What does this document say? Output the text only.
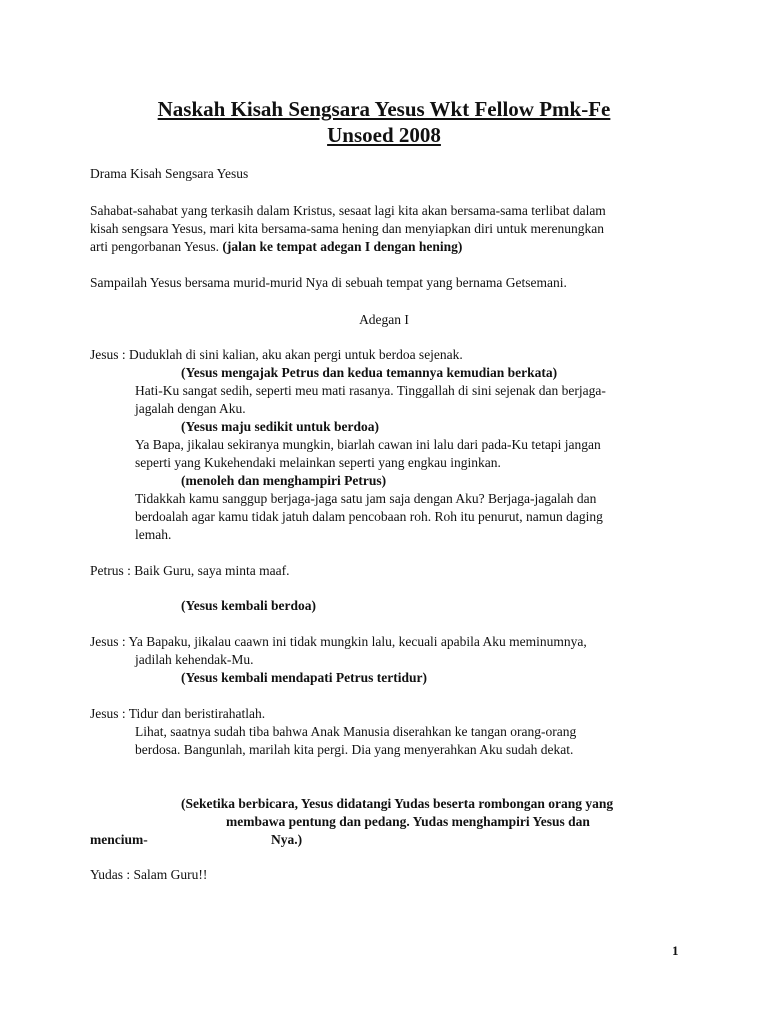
Naskah Kisah Sengsara Yesus Wkt Fellow Pmk-Fe
Unsoed 2008
Drama Kisah Sengsara Yesus
Sahabat-sahabat yang terkasih dalam Kristus, sesaat lagi kita akan bersama-sama terlibat dalam
kisah sengsara Yesus, mari kita bersama-sama hening dan menyiapkan diri untuk merenungkan
arti pengorbanan Yesus. (jalan ke tempat adegan I dengan hening)
Sampailah Yesus bersama murid-murid Nya di sebuah tempat yang bernama Getsemani.
Adegan I
Jesus : Duduklah di sini kalian, aku akan pergi untuk berdoa sejenak.
(Yesus mengajak Petrus dan kedua temannya kemudian berkata)
Hati-Ku sangat sedih, seperti meu mati rasanya. Tinggallah di sini sejenak dan berjaga-
jagalah dengan Aku.
(Yesus maju sedikit untuk berdoa)
Ya Bapa, jikalau sekiranya mungkin, biarlah cawan ini lalu dari pada-Ku tetapi jangan
seperti yang Kukehendaki melainkan seperti yang engkau inginkan.
(menoleh dan menghampiri Petrus)
Tidakkah kamu sanggup berjaga-jaga satu jam saja dengan Aku? Berjaga-jagalah dan
berdoalah agar kamu tidak jatuh dalam pencobaan roh. Roh itu penurut, namun daging
lemah.
Petrus : Baik Guru, saya minta maaf.
(Yesus kembali berdoa)
Jesus : Ya Bapaku, jikalau caawn ini tidak mungkin lalu, kecuali apabila Aku meminumnya,
jadilah kehendak-Mu.
(Yesus kembali mendapati Petrus tertidur)
Jesus : Tidur dan beristirahatlah.
Lihat, saatnya sudah tiba bahwa Anak Manusia diserahkan ke tangan orang-orang
berdosa. Bangunlah, marilah kita pergi. Dia yang menyerahkan Aku sudah dekat.
(Seketika berbicara, Yesus didatangi Yudas beserta rombongan orang yang
membawa pentung dan pedang. Yudas menghampiri Yesus dan
mencium-	Nya.)
Yudas : Salam Guru!!
1
